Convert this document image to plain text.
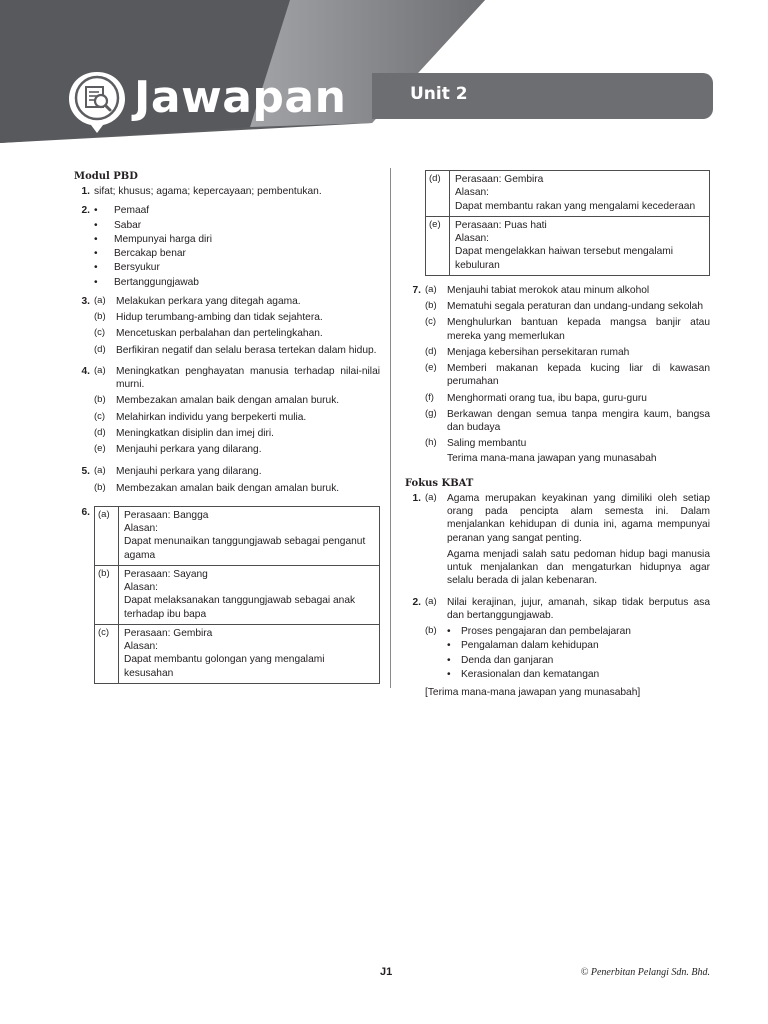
Jawapan	Unit 2
Modul PBD
1. sifat; khusus; agama; kepercayaan; pembentukan.
2. •	Pemaaf
•	Sabar
•	Mempunyai harga diri
•	Bercakap benar
•	Bersyukur
•	Bertanggungjawab
3. (a)	Melakukan perkara yang ditegah agama.
(b)	Hidup terumbang-ambing dan tidak sejahtera.
(c)	Mencetuskan perbalahan dan pertelingkahan.
(d)	Berfikiran negatif dan selalu berasa tertekan dalam hidup.
4. (a)	Meningkatkan penghayatan manusia terhadap nilai-nilai murni.
(b)	Membezakan amalan baik dengan amalan buruk.
(c)	Melahirkan individu yang berpekerti mulia.
(d)	Meningkatkan disiplin dan imej diri.
(e)	Menjauhi perkara yang dilarang.
5. (a)	Menjauhi perkara yang dilarang.
(b)	Membezakan amalan baik dengan amalan buruk.
6. (a)	Perasaan: Bangga
Alasan:
Dapat menunaikan tanggungjawab sebagai penganut agama

(b)	Perasaan: Sayang
Alasan:
Dapat melaksanakan tanggungjawab sebagai anak terhadap ibu bapa

(c)	Perasaan: Gembira
Alasan:
Dapat membantu golongan yang mengalami kesusahan
(d)	Perasaan: Gembira
Alasan:
Dapat membantu rakan yang mengalami kecederaan

(e)	Perasaan: Puas hati
Alasan:
Dapat mengelakkan haiwan tersebut mengalami kebuluran
7. (a)	Menjauhi tabiat merokok atau minum alkohol
(b)	Mematuhi segala peraturan dan undang-undang sekolah
(c)	Menghulurkan bantuan kepada mangsa banjir atau mereka yang memerlukan
(d)	Menjaga kebersihan persekitaran rumah
(e)	Memberi makanan kepada kucing liar di kawasan perumahan
(f)	Menghormati orang tua, ibu bapa, guru-guru
(g)	Berkawan dengan semua tanpa mengira kaum, bangsa dan budaya
(h)	Saling membantu
Terima mana-mana jawapan yang munasabah
Fokus KBAT
1. (a)	Agama merupakan keyakinan yang dimiliki oleh setiap orang pada pencipta alam semesta ini. Dalam menjalankan kehidupan di dunia ini, agama mempunyai peranan yang sangat penting.
Agama menjadi salah satu pedoman hidup bagi manusia untuk menjalankan dan mengaturkan hidupnya agar selalu berada di jalan kebenaran.
2. (a)	Nilai kerajinan, jujur, amanah, sikap tidak berputus asa dan bertanggungjawab.
(b)	•	Proses pengajaran dan pembelajaran
•	Pengalaman dalam kehidupan
•	Denda dan ganjaran
•	Kerasionalan dan kematangan
[Terima mana-mana jawapan yang munasabah]
J1	© Penerbitan Pelangi Sdn. Bhd.
